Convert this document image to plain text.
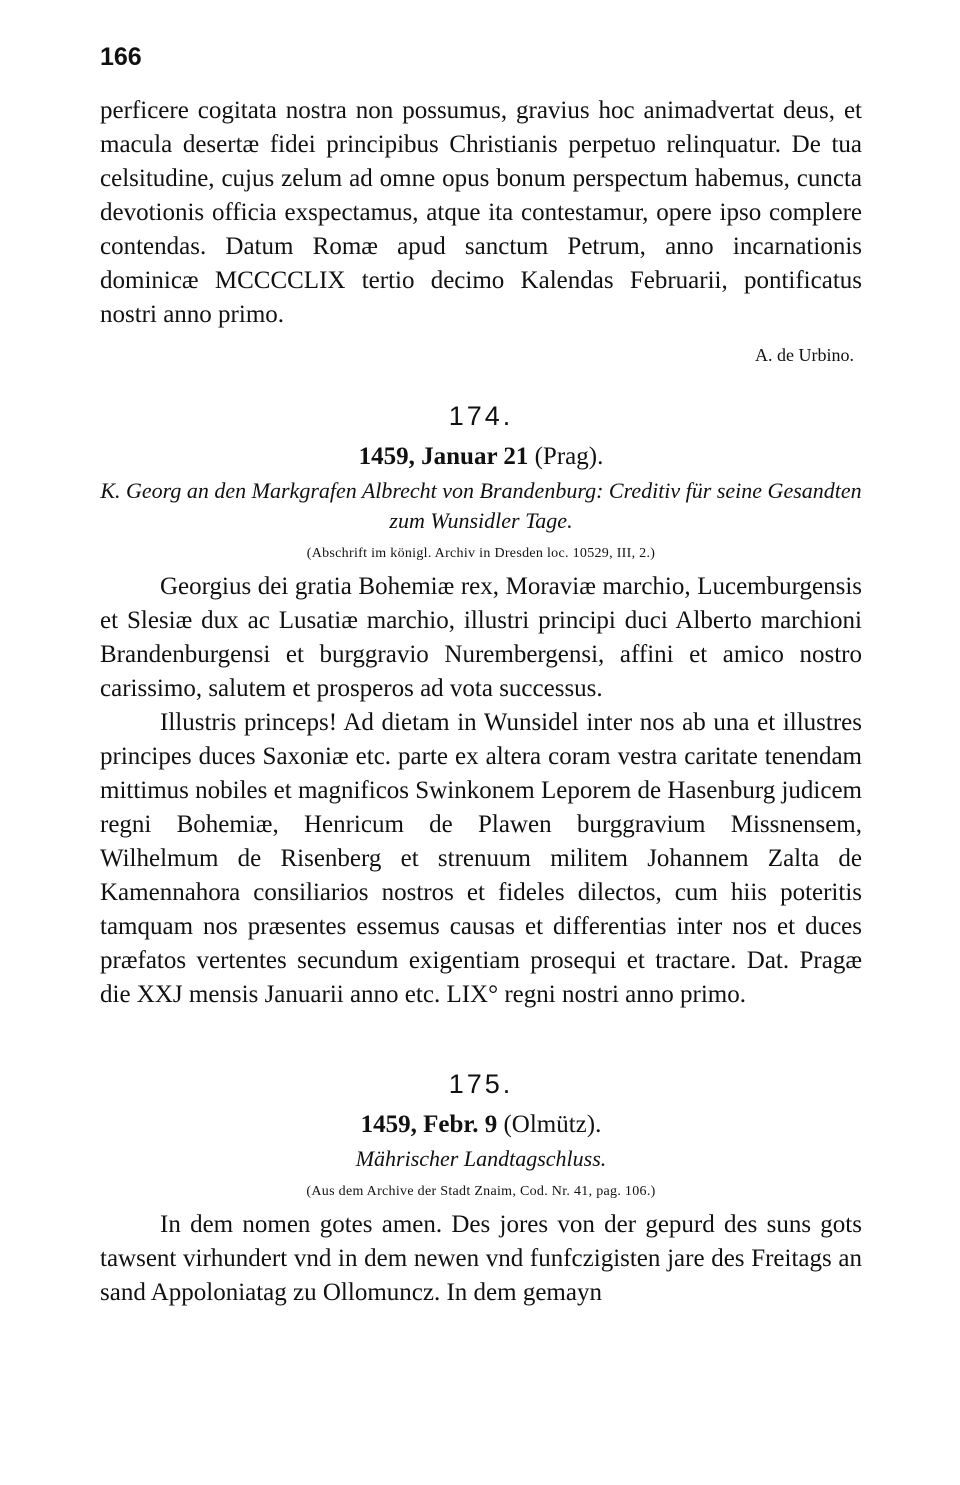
166

perficere cogitata nostra non possumus, gravius hoc animadvertat deus, et macula desertæ fidei principibus Christianis perpetuo relinquatur. De tua celsitudine, cujus zelum ad omne opus bonum perspectum habemus, cuncta devotionis officia exspectamus, atque ita contestamur, opere ipso complere contendas. Datum Romæ apud sanctum Petrum, anno incarnationis dominicæ MCCCCLIX tertio decimo Kalendas Februarii, pontificatus nostri anno primo.

A. de Urbino.
174.
1459, Januar 21 (Prag).

K. Georg an den Markgrafen Albrecht von Brandenburg: Creditiv für seine Gesandten zum Wunsidler Tage.

(Abschrift im königl. Archiv in Dresden loc. 10529, III, 2.)

Georgius dei gratia Bohemiæ rex, Moraviæ marchio, Lucemburgensis et Slesiæ dux ac Lusatiæ marchio, illustri principi duci Alberto marchioni Brandenburgensi et burggravio Nurembergensi, affini et amico nostro carissimo, salutem et prosperos ad vota successus.

Illustris princeps! Ad dietam in Wunsidel inter nos ab una et illustres principes duces Saxoniæ etc. parte ex altera coram vestra caritate tenendam mittimus nobiles et magnificos Swinkonem Leporem de Hasenburg judicem regni Bohemiæ, Henricum de Plawen burggravium Missnensem, Wilhelmum de Risenberg et strenuum militem Johannem Zalta de Kamennahora consiliarios nostros et fideles dilectos, cum hiis poteritis tamquam nos præsentes essemus causas et differentias inter nos et duces præfatos vertentes secundum exigentiam prosequi et tractare. Dat. Pragæ die XXJ mensis Januarii anno etc. LIX° regni nostri anno primo.

175.
1459, Febr. 9 (Olmütz).

Mährischer Landtagschluss.

(Aus dem Archive der Stadt Znaim, Cod. Nr. 41, pag. 106.)

In dem nomen gotes amen. Des jores von der gepurd des suns gots tawsent virhundert vnd in dem newen vnd funfczigisten jare des Freitags an sand Appoloniatag zu Ollomuncz. In dem gemayn
